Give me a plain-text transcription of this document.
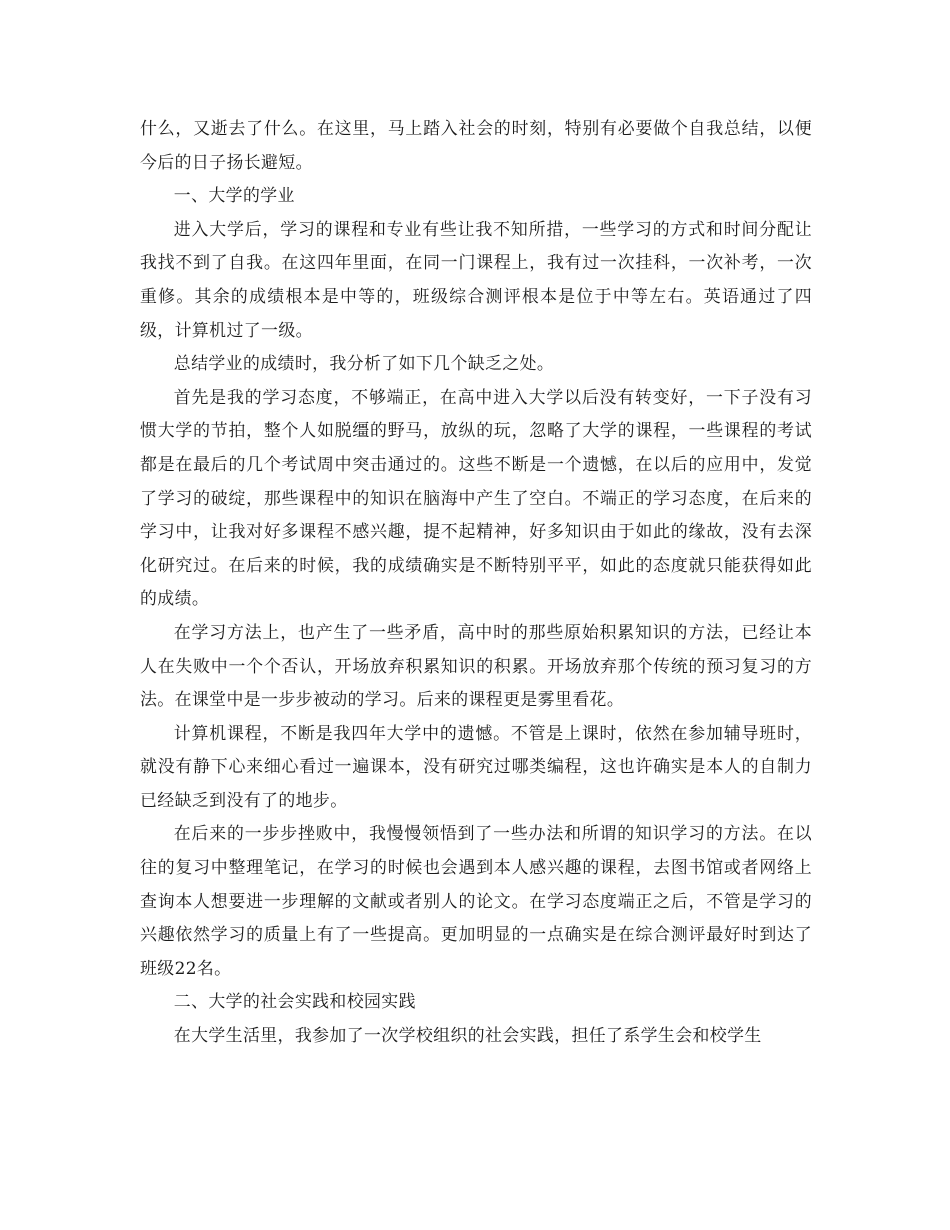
什么，又逝去了什么。在这里，马上踏入社会的时刻，特别有必要做个自我总结，以便今后的日子扬长避短。

一、大学的学业

进入大学后，学习的课程和专业有些让我不知所措，一些学习的方式和时间分配让我找不到了自我。在这四年里面，在同一门课程上，我有过一次挂科，一次补考，一次重修。其余的成绩根本是中等的，班级综合测评根本是位于中等左右。英语通过了四级，计算机过了一级。

总结学业的成绩时，我分析了如下几个缺乏之处。

首先是我的学习态度，不够端正，在高中进入大学以后没有转变好，一下子没有习惯大学的节拍，整个人如脱缰的野马，放纵的玩，忽略了大学的课程，一些课程的考试都是在最后的几个考试周中突击通过的。这些不断是一个遗憾，在以后的应用中，发觉了学习的破绽，那些课程中的知识在脑海中产生了空白。不端正的学习态度，在后来的学习中，让我对好多课程不感兴趣，提不起精神，好多知识由于如此的缘故，没有去深化研究过。在后来的时候，我的成绩确实是不断特别平平，如此的态度就只能获得如此的成绩。

在学习方法上，也产生了一些矛盾，高中时的那些原始积累知识的方法，已经让本人在失败中一个个否认，开场放弃积累知识的积累。开场放弃那个传统的预习复习的方法。在课堂中是一步步被动的学习。后来的课程更是雾里看花。

计算机课程，不断是我四年大学中的遗憾。不管是上课时，依然在参加辅导班时，就没有静下心来细心看过一遍课本，没有研究过哪类编程，这也许确实是本人的自制力已经缺乏到没有了的地步。

在后来的一步步挫败中，我慢慢领悟到了一些办法和所谓的知识学习的方法。在以往的复习中整理笔记，在学习的时候也会遇到本人感兴趣的课程，去图书馆或者网络上查询本人想要进一步理解的文献或者别人的论文。在学习态度端正之后，不管是学习的兴趣依然学习的质量上有了一些提高。更加明显的一点确实是在综合测评最好时到达了班级22名。

二、大学的社会实践和校园实践

在大学生活里，我参加了一次学校组织的社会实践，担任了系学生会和校学生
